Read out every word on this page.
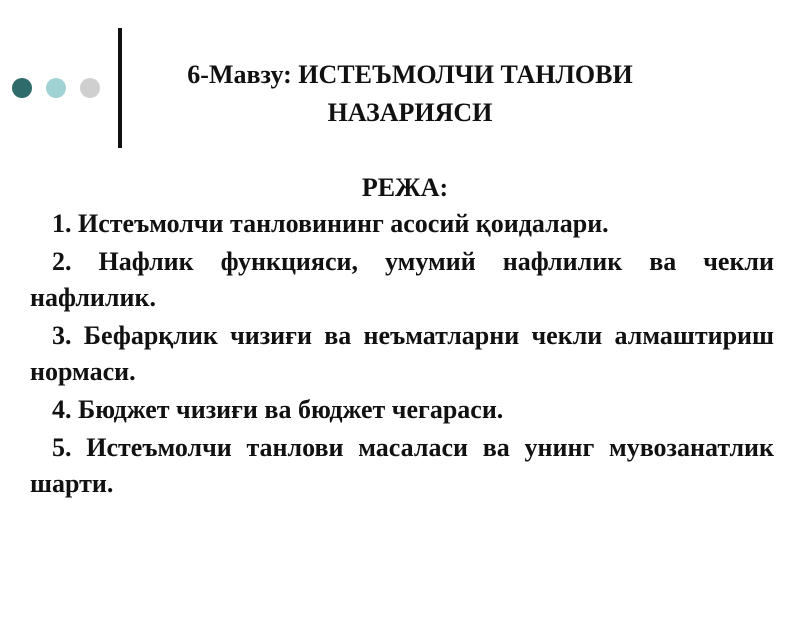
6-Мавзу: ИСТЕЪМОЛЧИ ТАНЛОВИ
НАЗАРИЯСИ
РЕЖА:
1. Истеъмолчи танловининг асосий қоидалари.
2. Нафлик функцияси, умумий нафлилик ва чекли нафлилик.
3. Бефарқлик чизиғи ва неъматларни чекли алмаштириш нормаси.
4. Бюджет чизиғи ва бюджет чегараси.
5. Истеъмолчи танлови масаласи ва унинг мувозанатлик шарти.
